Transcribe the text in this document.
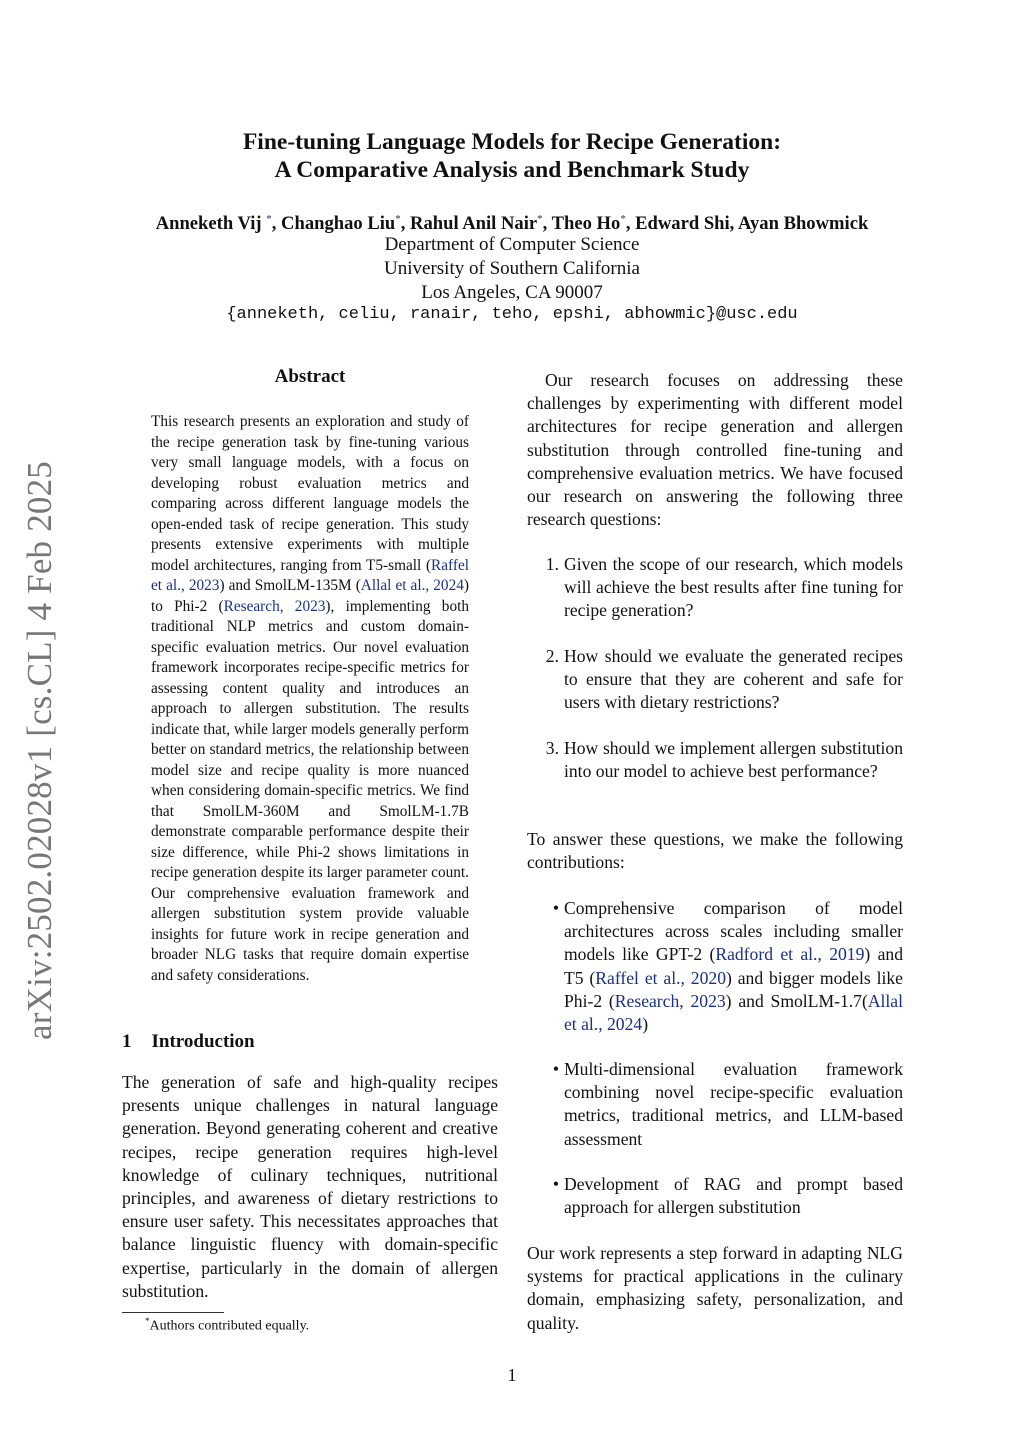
arXiv:2502.02028v1 [cs.CL] 4 Feb 2025
Fine-tuning Language Models for Recipe Generation:
A Comparative Analysis and Benchmark Study
Anneketh Vij *, Changhao Liu*, Rahul Anil Nair*, Theo Ho*, Edward Shi, Ayan Bhowmick
Department of Computer Science
University of Southern California
Los Angeles, CA 90007
{anneketh, celiu, ranair, teho, epshi, abhowmic}@usc.edu
Abstract
This research presents an exploration and study of the recipe generation task by fine-tuning various very small language models, with a focus on developing robust evaluation metrics and comparing across different language models the open-ended task of recipe generation. This study presents extensive experiments with multiple model architectures, ranging from T5-small (Raffel et al., 2023) and SmolLM-135M (Allal et al., 2024) to Phi-2 (Research, 2023), implementing both traditional NLP metrics and custom domain-specific evaluation metrics. Our novel evaluation framework incorporates recipe-specific metrics for assessing content quality and introduces an approach to allergen substitution. The results indicate that, while larger models generally perform better on standard metrics, the relationship between model size and recipe quality is more nuanced when considering domain-specific metrics. We find that SmolLM-360M and SmolLM-1.7B demonstrate comparable performance despite their size difference, while Phi-2 shows limitations in recipe generation despite its larger parameter count. Our comprehensive evaluation framework and allergen substitution system provide valuable insights for future work in recipe generation and broader NLG tasks that require domain expertise and safety considerations.
1 Introduction
The generation of safe and high-quality recipes presents unique challenges in natural language generation. Beyond generating coherent and creative recipes, recipe generation requires high-level knowledge of culinary techniques, nutritional principles, and awareness of dietary restrictions to ensure user safety. This necessitates approaches that balance linguistic fluency with domain-specific expertise, particularly in the domain of allergen substitution.
*Authors contributed equally.
Our research focuses on addressing these challenges by experimenting with different model architectures for recipe generation and allergen substitution through controlled fine-tuning and comprehensive evaluation metrics. We have focused our research on answering the following three research questions:
1. Given the scope of our research, which models will achieve the best results after fine tuning for recipe generation?
2. How should we evaluate the generated recipes to ensure that they are coherent and safe for users with dietary restrictions?
3. How should we implement allergen substitution into our model to achieve best performance?
To answer these questions, we make the following contributions:
• Comprehensive comparison of model architectures across scales including smaller models like GPT-2 (Radford et al., 2019) and T5 (Raffel et al., 2020) and bigger models like Phi-2 (Research, 2023) and SmolLM-1.7(Allal et al., 2024)
• Multi-dimensional evaluation framework combining novel recipe-specific evaluation metrics, traditional metrics, and LLM-based assessment
• Development of RAG and prompt based approach for allergen substitution
Our work represents a step forward in adapting NLG systems for practical applications in the culinary domain, emphasizing safety, personalization, and quality.
1
